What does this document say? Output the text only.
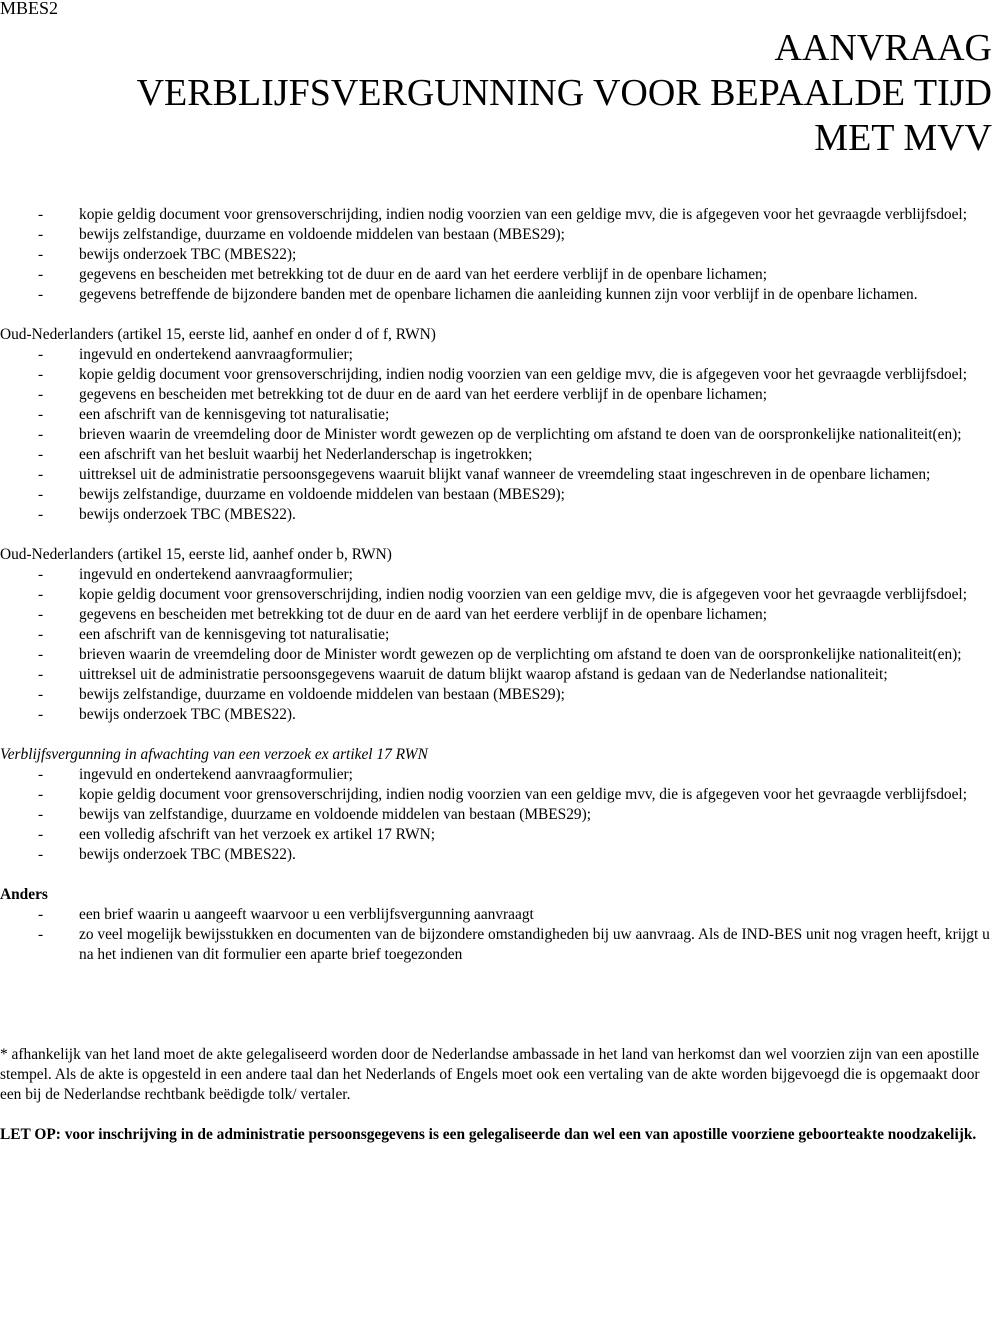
MBES2
AANVRAAG
VERBLIJFSVERGUNNING VOOR BEPAALDE TIJD
MET MVV
- kopie geldig document voor grensoverschrijding, indien nodig voorzien van een geldige mvv, die is afgegeven voor het gevraagde verblijfsdoel;
- bewijs zelfstandige, duurzame en voldoende middelen van bestaan (MBES29);
- bewijs onderzoek TBC (MBES22);
- gegevens en bescheiden met betrekking tot de duur en de aard van het eerdere verblijf in de openbare lichamen;
- gegevens betreffende de bijzondere banden met de openbare lichamen die aanleiding kunnen zijn voor verblijf in de openbare lichamen.
Oud-Nederlanders (artikel 15, eerste lid, aanhef en onder d of f, RWN)
- ingevuld en ondertekend aanvraagformulier;
- kopie geldig document voor grensoverschrijding, indien nodig voorzien van een geldige mvv, die is afgegeven voor het gevraagde verblijfsdoel;
- gegevens en bescheiden met betrekking tot de duur en de aard van het eerdere verblijf in de openbare lichamen;
- een afschrift van de kennisgeving tot naturalisatie;
- brieven waarin de vreemdeling door de Minister wordt gewezen op de verplichting om afstand te doen van de oorspronkelijke nationaliteit(en);
- een afschrift van het besluit waarbij het Nederlanderschap is ingetrokken;
- uittreksel uit de administratie persoonsgegevens waaruit blijkt vanaf wanneer de vreemdeling staat ingeschreven in de openbare lichamen;
- bewijs zelfstandige, duurzame en voldoende middelen van bestaan (MBES29);
- bewijs onderzoek TBC (MBES22).
Oud-Nederlanders (artikel 15, eerste lid, aanhef onder b, RWN)
- ingevuld en ondertekend aanvraagformulier;
- kopie geldig document voor grensoverschrijding, indien nodig voorzien van een geldige mvv, die is afgegeven voor het gevraagde verblijfsdoel;
- gegevens en bescheiden met betrekking tot de duur en de aard van het eerdere verblijf in de openbare lichamen;
- een afschrift van de kennisgeving tot naturalisatie;
- brieven waarin de vreemdeling door de Minister wordt gewezen op de verplichting om afstand te doen van de oorspronkelijke nationaliteit(en);
- uittreksel uit de administratie persoonsgegevens waaruit de datum blijkt waarop afstand is gedaan van de Nederlandse nationaliteit;
- bewijs zelfstandige, duurzame en voldoende middelen van bestaan (MBES29);
- bewijs onderzoek TBC (MBES22).
Verblijfsvergunning in afwachting van een verzoek ex artikel 17 RWN
- ingevuld en ondertekend aanvraagformulier;
- kopie geldig document voor grensoverschrijding, indien nodig voorzien van een geldige mvv, die is afgegeven voor het gevraagde verblijfsdoel;
- bewijs van zelfstandige, duurzame en voldoende middelen van bestaan (MBES29);
- een volledig afschrift van het verzoek ex artikel 17 RWN;
- bewijs onderzoek TBC (MBES22).
Anders
- een brief waarin u aangeeft waarvoor u een verblijfsvergunning aanvraagt
- zo veel mogelijk bewijsstukken en documenten van de bijzondere omstandigheden bij uw aanvraag. Als de IND-BES unit nog vragen heeft, krijgt u na het indienen van dit formulier een aparte brief toegezonden

* afhankelijk van het land moet de akte gelegaliseerd worden door de Nederlandse ambassade in het land van herkomst dan wel voorzien zijn van een apostille stempel. Als de akte is opgesteld in een andere taal dan het Nederlands of Engels moet ook een vertaling van de akte worden bijgevoegd die is opgemaakt door een bij de Nederlandse rechtbank beëdigde tolk/ vertaler.

LET OP: voor inschrijving in de administratie persoonsgegevens is een gelegaliseerde dan wel een van apostille voorziene geboorteakte noodzakelijk.
